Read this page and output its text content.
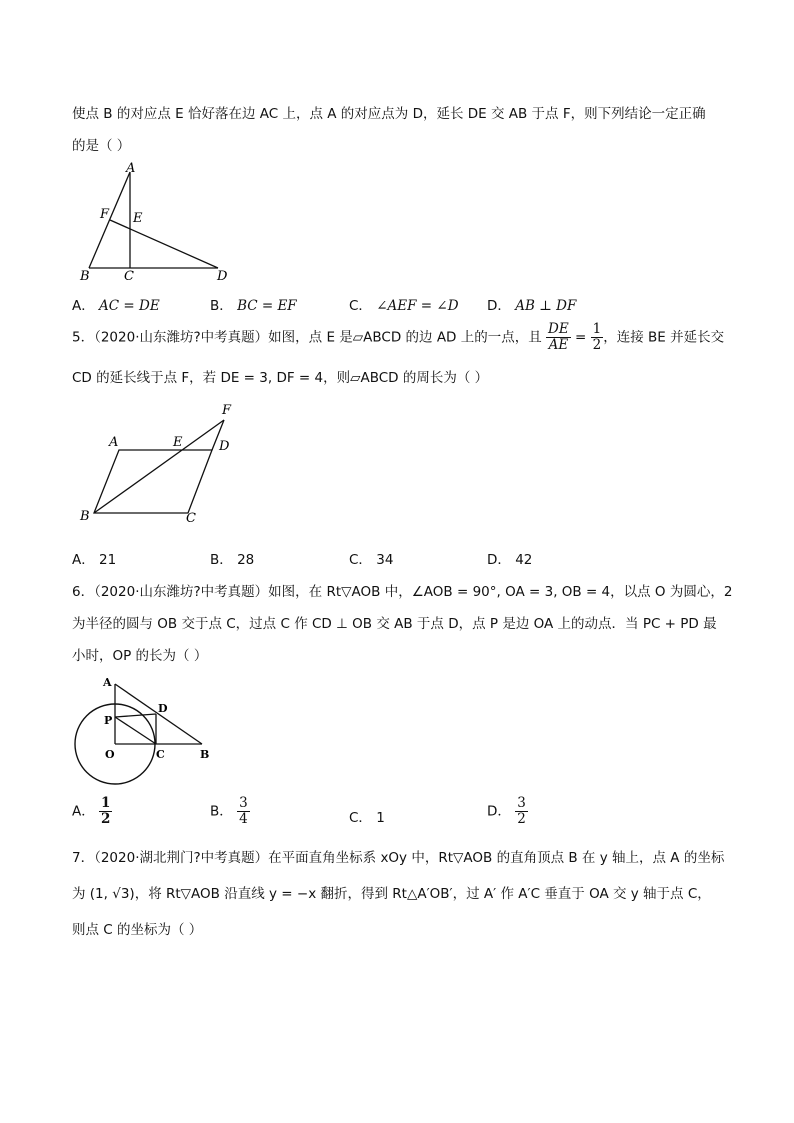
使点 B 的对应点 E 恰好落在边 AC 上，点 A 的对应点为 D，延长 DE 交 AB 于点 F，则下列结论一定正确
的是（ ）
A
F E
B	C	D
A． AC = DE	B． BC = EF	C． ∠AEF = ∠D D． AB ⊥ DF
5．（2020·山东潍坊?中考真题）如图，点 E 是▱ABCD 的边 AD 上的一点，且 $\frac{DE}{AE} = \frac{1}{2}$ ，连接 BE 并延长交
CD 的延长线于点 F，若 DE = 3, DF = 4，则▱ABCD 的周长为（ ）
A	E	D
F
B	C
A． 21	B． 28	C． 34	D． 42
6．（2020·山东潍坊?中考真题）如图，在 Rt▽AOB 中，∠AOB = 90°, OA = 3, OB = 4，以点 O 为圆心，2
为半径的圆与 OB 交于点 C，过点 C 作 CD ⊥ OB 交 AB 于点 D，点 P 是边 OA 上的动点．当 PC + PD 最
小时，OP 的长为（ ）
A
D
P
O	C	B
A． $\frac{1}{2}$	B． $\frac{3}{4}$	C． 1	D． $\frac{3}{2}$
7．（2020·湖北荆门?中考真题）在平面直角坐标系 xOy 中，Rt▽AOB 的直角顶点 B 在 y 轴上，点 A 的坐标
为 (1, √3)，将 Rt▽AOB 沿直线 y = −x 翻折，得到 Rt△A′OB′，过 A′ 作 A′C 垂直于 OA 交 y 轴于点 C，
则点 C 的坐标为（ ）
